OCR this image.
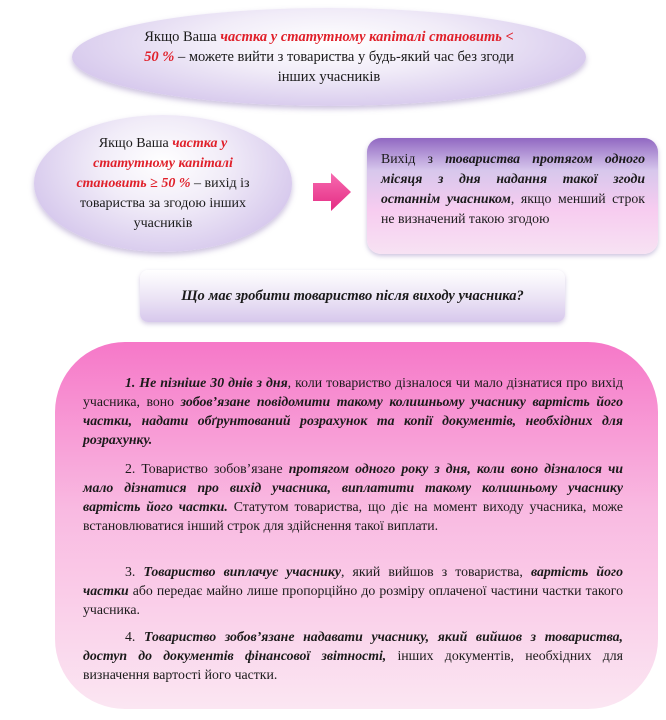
Якщо Ваша частка у статутному капіталі становить < 50 % – можете вийти з товариства у будь-який час без згоди інших учасників
Якщо Ваша частка у статутному капіталі становить ≥ 50 % – вихід із товариства за згодою інших учасників
Вихід з товариства протягом одного місяця з дня надання такої згоди останнім учасником, якщо менший строк не визначений такою згодою
Що має зробити товариство після виходу учасника?
1. Не пізніше 30 днів з дня, коли товариство дізналося чи мало дізнатися про вихід учасника, воно зобов’язане повідомити такому колишньому учаснику вартість його частки, надати обґрунтований розрахунок та копії документів, необхідних для розрахунку.
2. Товариство зобов’язане протягом одного року з дня, коли воно дізналося чи мало дізнатися про вихід учасника, виплатити такому колишньому учаснику вартість його частки. Статутом товариства, що діє на момент виходу учасника, може встановлюватися інший строк для здійснення такої виплати.
3. Товариство виплачує учаснику, який вийшов з товариства, вартість його частки або передає майно лише пропорційно до розміру оплаченої частини частки такого учасника.
4. Товариство зобов’язане надавати учаснику, який вийшов з товариства, доступ до документів фінансової звітності, інших документів, необхідних для визначення вартості його частки.
